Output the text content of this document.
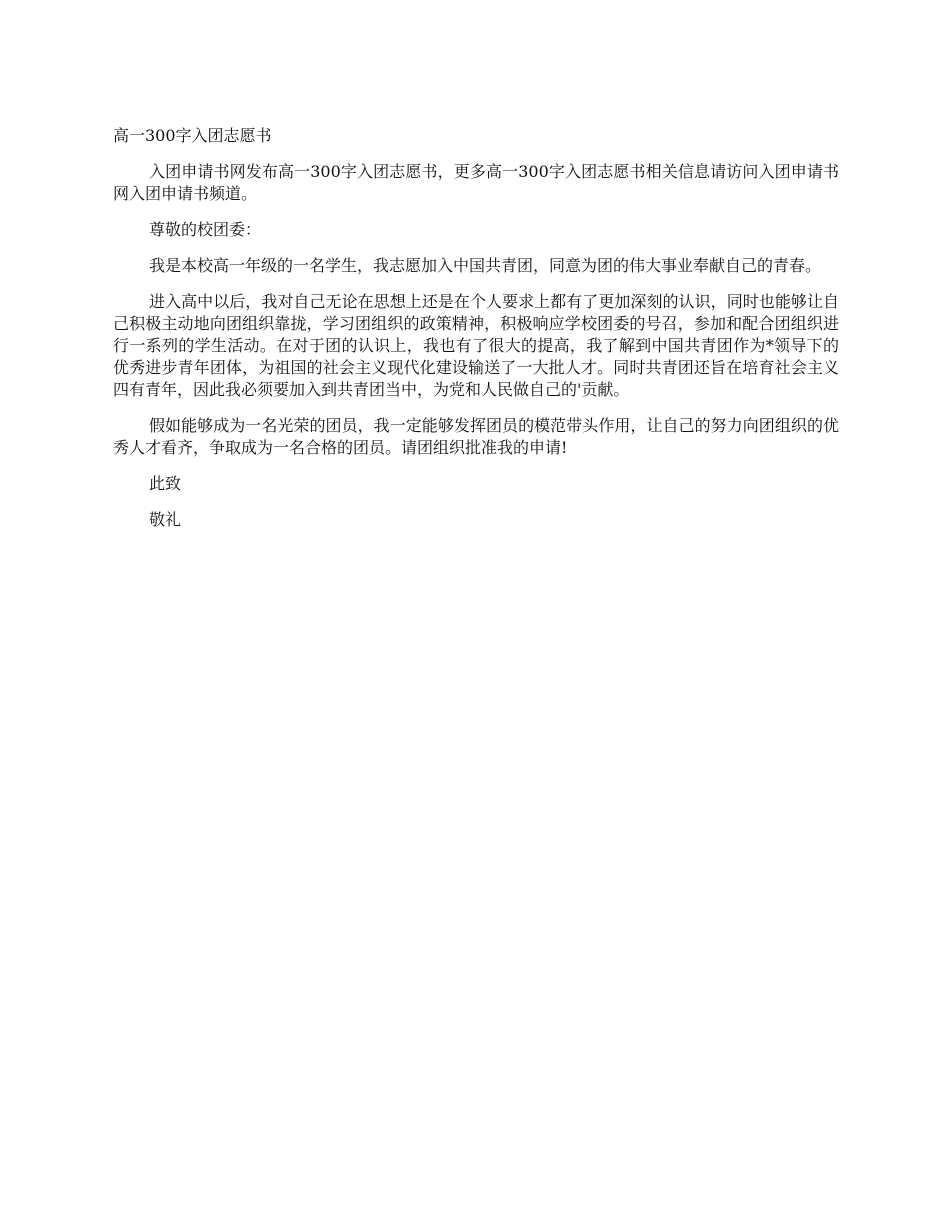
高一300字入团志愿书

入团申请书网发布高一300字入团志愿书，更多高一300字入团志愿书相关信息请访问入团申请书网入团申请书频道。

尊敬的校团委：

我是本校高一年级的一名学生，我志愿加入中国共青团，同意为团的伟大事业奉献自己的青春。

进入高中以后，我对自己无论在思想上还是在个人要求上都有了更加深刻的认识，同时也能够让自己积极主动地向团组织靠拢，学习团组织的政策精神，积极响应学校团委的号召，参加和配合团组织进行一系列的学生活动。在对于团的认识上，我也有了很大的提高，我了解到中国共青团作为*领导下的优秀进步青年团体，为祖国的社会主义现代化建设输送了一大批人才。同时共青团还旨在培育社会主义四有青年，因此我必须要加入到共青团当中，为党和人民做自己的'贡献。

假如能够成为一名光荣的团员，我一定能够发挥团员的模范带头作用，让自己的努力向团组织的优秀人才看齐，争取成为一名合格的团员。请团组织批准我的申请!

此致

敬礼
